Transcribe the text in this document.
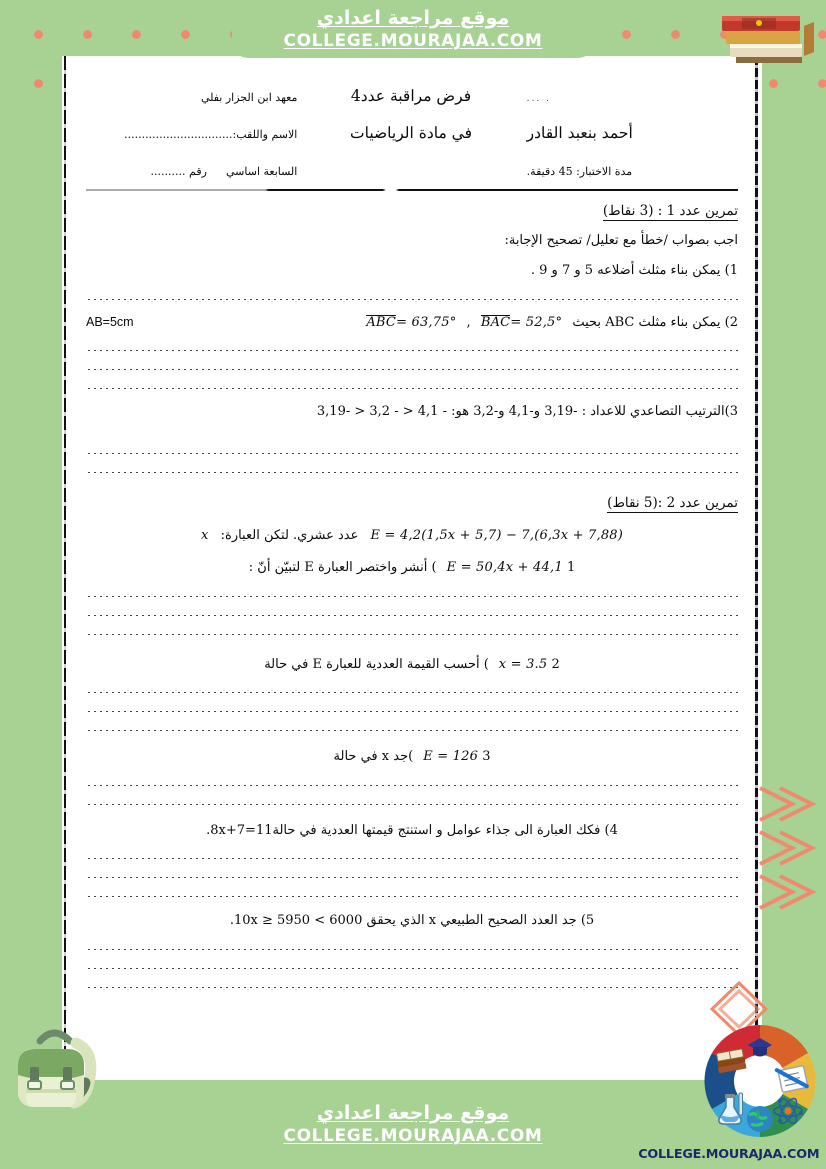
موقع مراجعة اعدادي
COLLEGE.MOURAJAA.COM
. ...
فرض مراقبة عدد4
معهد ابن الجزار بفلي
أحمد بنعبد القادر
في مادة الرياضيات
الاسم واللقب:...............................
مدة الاختبار: 45 دقيقة.
السابعة اساسي رقم ..........
تمرين عدد 1 : (3 نقاط)
اجب بصواب /خطأ مع تعليل/ تصحيح الإجابة:
1) يمكن بناء مثلث أضلاعه 5 و 7 و 9 .
AB=5cm	2) يمكن بناء مثلث ABC بحيث BAC= 52,5° , ABC= 63,75°
3)الترتيب التصاعدي للاعداد : -3,19 و-4,1 و-3,2 هو: - 4,1 < - 3,2 < -3,19
تمرين عدد 2 :(5 نقاط)
E = 4,2(1,5x + 5,7) − 7,(6,3x + 7,88) عدد عشري. لتكن العبارة: x
E = 50,4x + 44,1 1) أنشر واختصر العبارة E لتبيّن أنّ :
x = 3.5 2) أحسب القيمة العددية للعبارة E في حالة
E = 126 3)جد x في حالة
4) فكك العبارة الى جذاء عوامل و استنتج قيمتها العددية في حالة8x+7=11.
5) جد العدد الصحيح الطبيعي x الذي يحقق 6000 > 10x ≥ 5950.
موقع مراجعة اعدادي
COLLEGE.MOURAJAA.COM
COLLEGE.MOURAJAA.COM
